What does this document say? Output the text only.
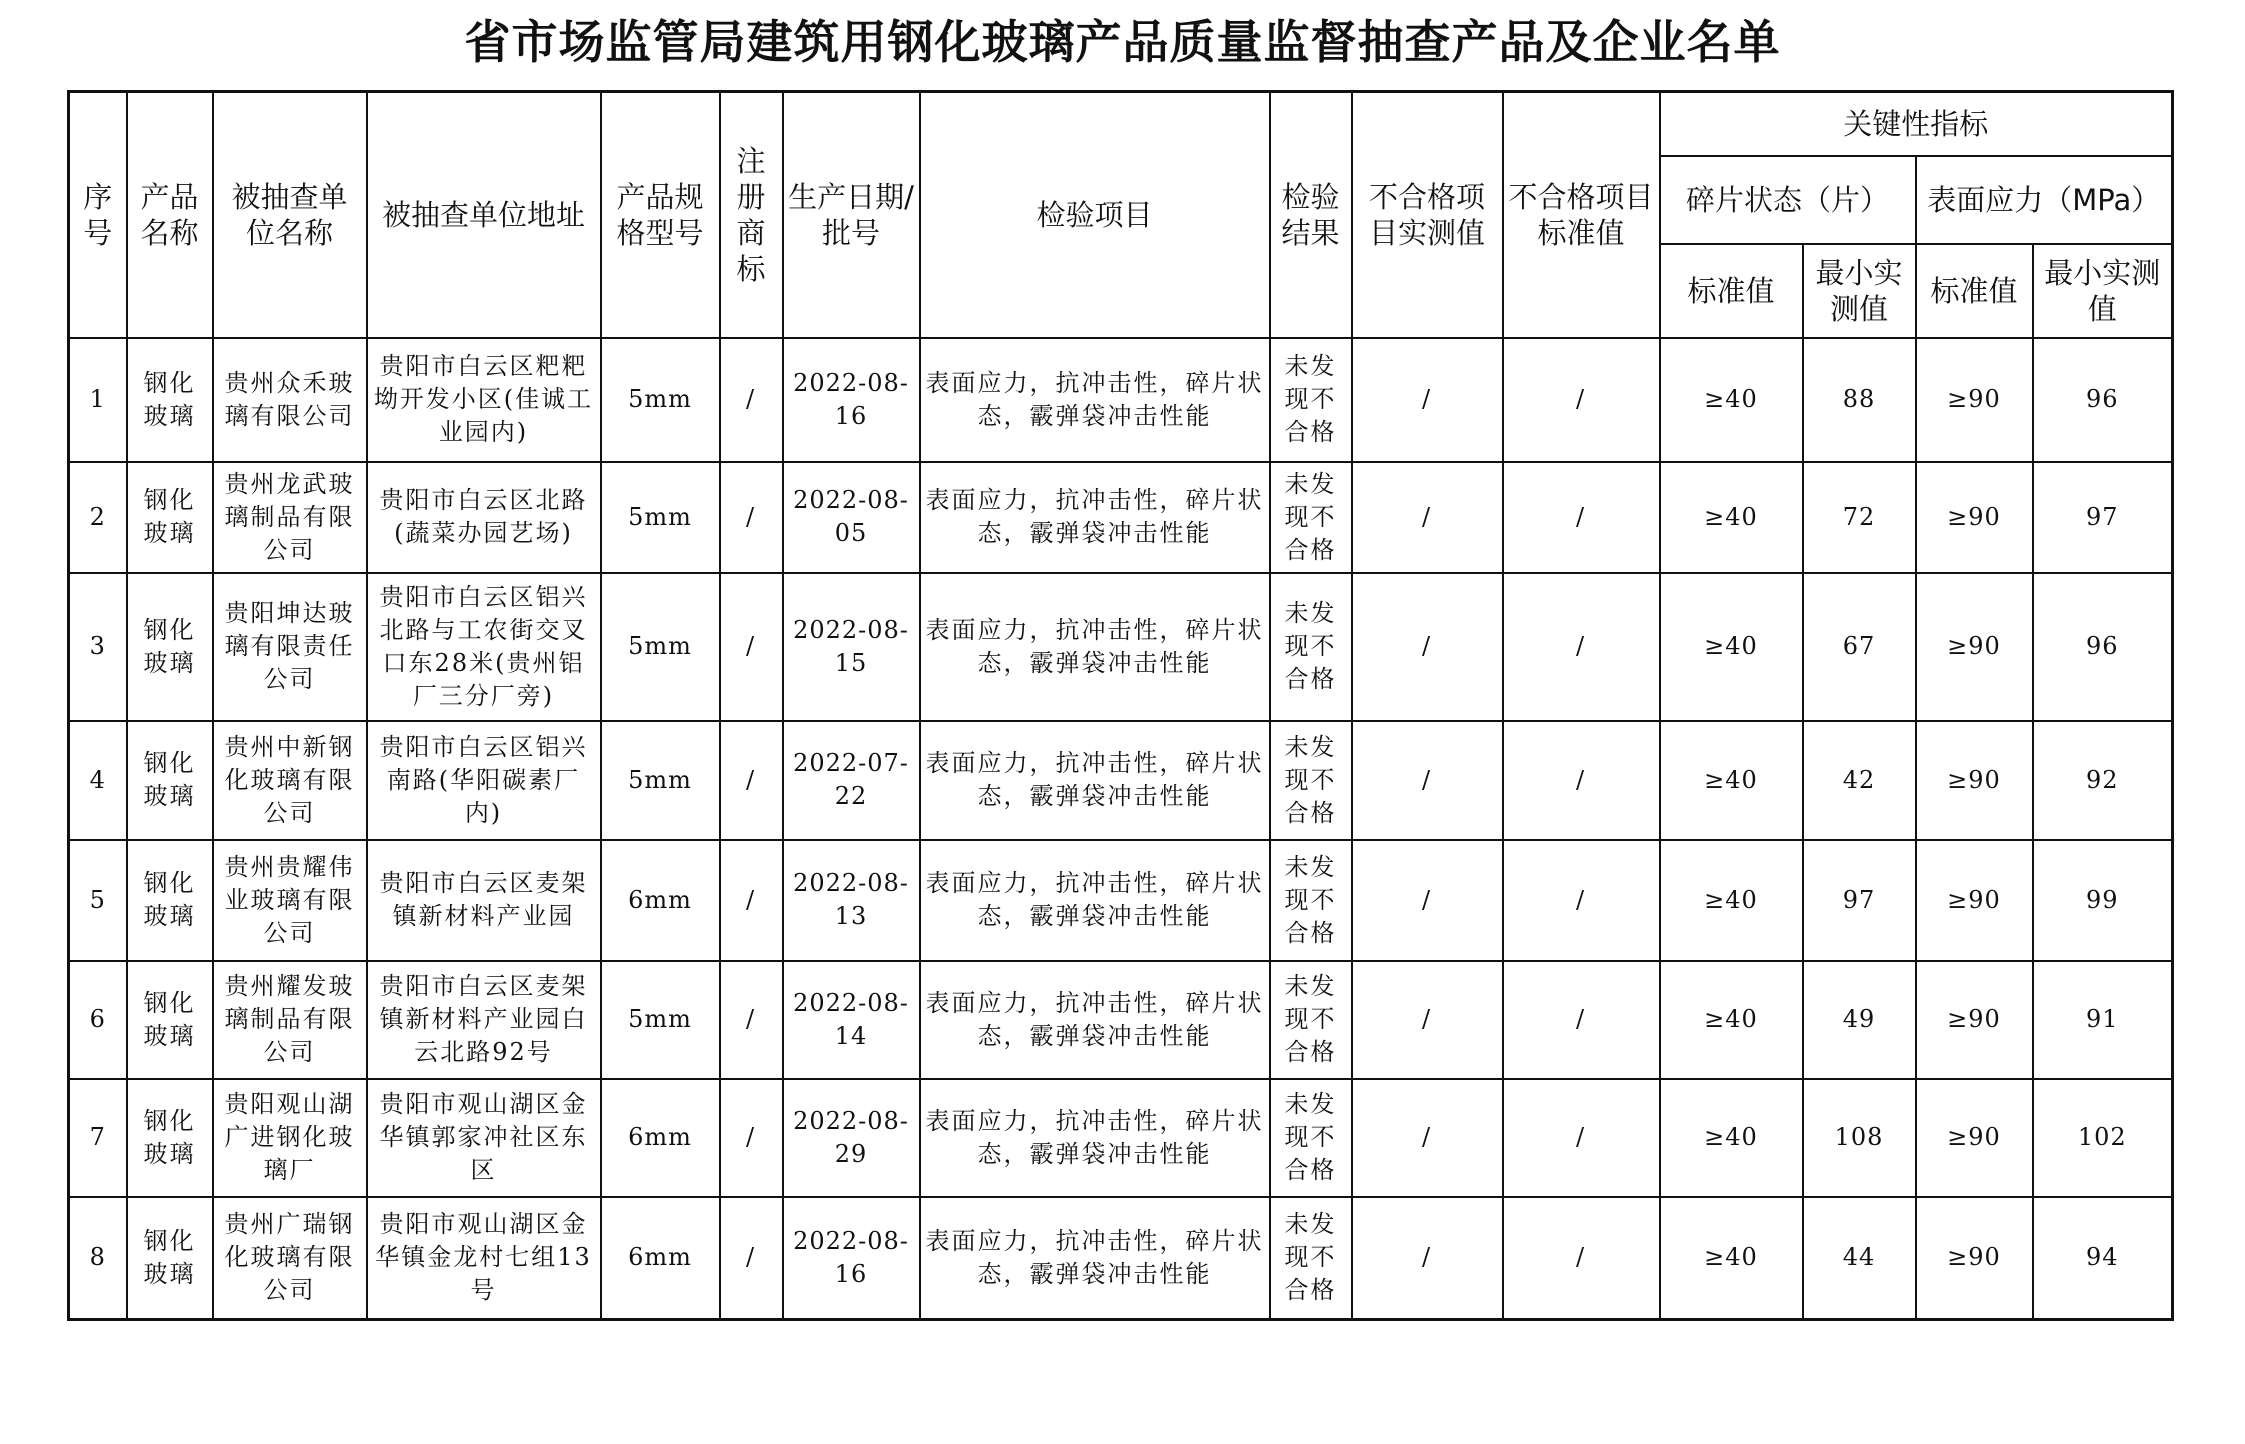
省市场监管局建筑用钢化玻璃产品质量监督抽查产品及企业名单
序号	产品名称	被抽查单位名称	被抽查单位地址	产品规格型号	注册商标	生产日期/批号	检验项目	检验结果	不合格项目实测值	不合格项目标准值	关键性指标			
											碎片状态（片）		表面应力（MPa）	
											标准值	最小实测值	标准值	最小实测值
1	钢化玻璃	贵州众禾玻璃有限公司	贵阳市白云区粑粑坳开发小区(佳诚工业园内)	5mm	/	2022-08-16	表面应力，抗冲击性，碎片状态，霰弹袋冲击性能	未发现不合格	/	/	≥40	88	≥90	96
2	钢化玻璃	贵州龙武玻璃制品有限公司	贵阳市白云区北路(蔬菜办园艺场)	5mm	/	2022-08-05	表面应力，抗冲击性，碎片状态，霰弹袋冲击性能	未发现不合格	/	/	≥40	72	≥90	97
3	钢化玻璃	贵阳坤达玻璃有限责任公司	贵阳市白云区铝兴北路与工农街交叉口东28米(贵州铝厂三分厂旁)	5mm	/	2022-08-15	表面应力，抗冲击性，碎片状态，霰弹袋冲击性能	未发现不合格	/	/	≥40	67	≥90	96
4	钢化玻璃	贵州中新钢化玻璃有限公司	贵阳市白云区铝兴南路(华阳碳素厂内)	5mm	/	2022-07-22	表面应力，抗冲击性，碎片状态，霰弹袋冲击性能	未发现不合格	/	/	≥40	42	≥90	92
5	钢化玻璃	贵州贵耀伟业玻璃有限公司	贵阳市白云区麦架镇新材料产业园	6mm	/	2022-08-13	表面应力，抗冲击性，碎片状态，霰弹袋冲击性能	未发现不合格	/	/	≥40	97	≥90	99
6	钢化玻璃	贵州耀发玻璃制品有限公司	贵阳市白云区麦架镇新材料产业园白云北路92号	5mm	/	2022-08-14	表面应力，抗冲击性，碎片状态，霰弹袋冲击性能	未发现不合格	/	/	≥40	49	≥90	91
7	钢化玻璃	贵阳观山湖广进钢化玻璃厂	贵阳市观山湖区金华镇郭家冲社区东区	6mm	/	2022-08-29	表面应力，抗冲击性，碎片状态，霰弹袋冲击性能	未发现不合格	/	/	≥40	108	≥90	102
8	钢化玻璃	贵州广瑞钢化玻璃有限公司	贵阳市观山湖区金华镇金龙村七组13号	6mm	/	2022-08-16	表面应力，抗冲击性，碎片状态，霰弹袋冲击性能	未发现不合格	/	/	≥40	44	≥90	94
